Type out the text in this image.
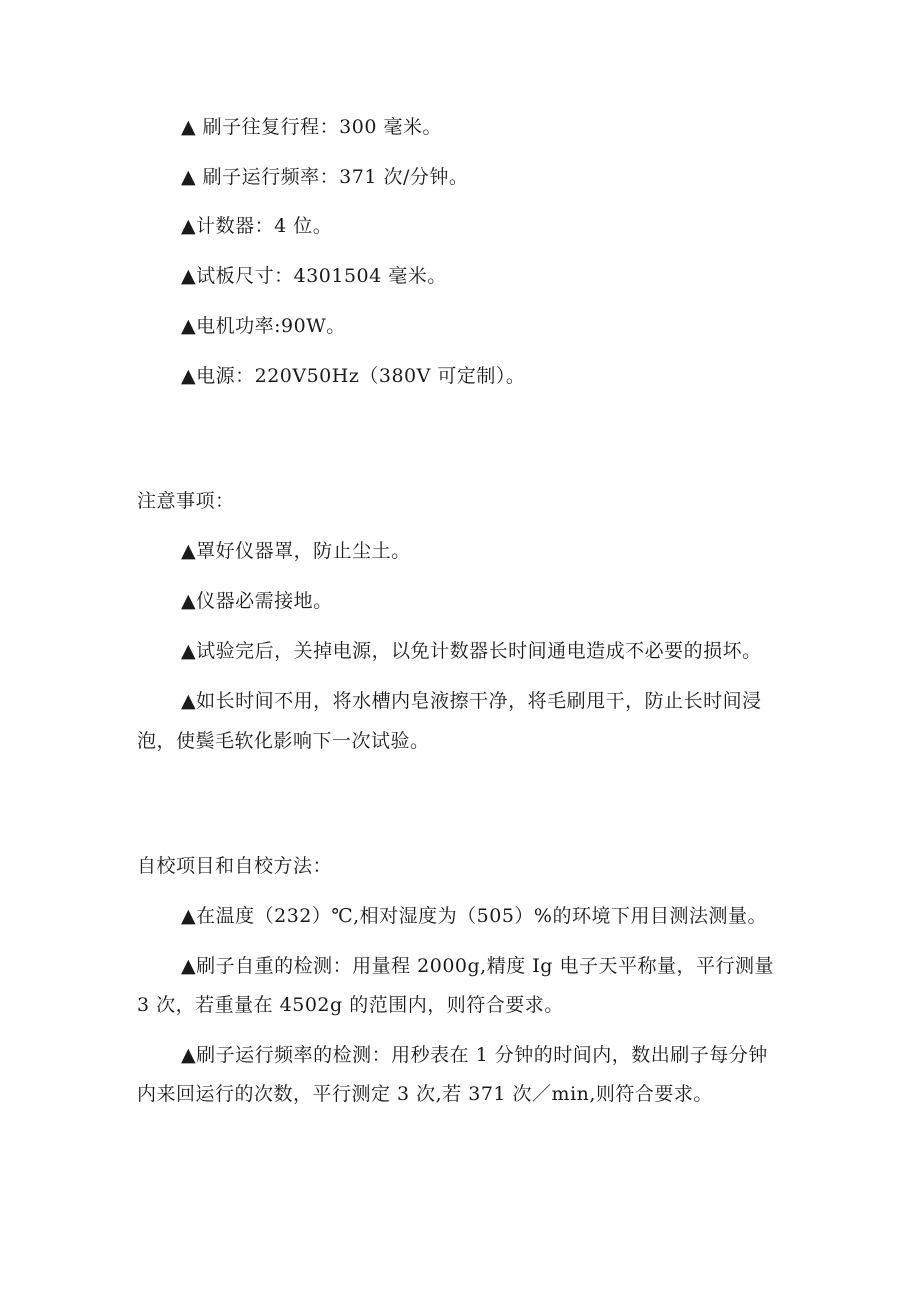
▲ 刷子往复行程：300 毫米。
▲ 刷子运行频率：371 次/分钟。
▲计数器：4 位。
▲试板尺寸：4301504 毫米。
▲电机功率:90W。
▲电源：220V50Hz（380V 可定制）。
注意事项：
▲罩好仪器罩，防止尘土。
▲仪器必需接地。
▲试验完后，关掉电源，以免计数器长时间通电造成不必要的损坏。
▲如长时间不用，将水槽内皂液擦干净，将毛刷甩干，防止长时间浸
泡，使鬓毛软化影响下一次试验。
自校项目和自校方法：
▲在温度（232）℃,相对湿度为（505）%的环境下用目测法测量。
▲刷子自重的检测：用量程 2000g,精度 Ig 电子天平称量，平行测量
3 次，若重量在 4502g 的范围内，则符合要求。
▲刷子运行频率的检测：用秒表在 1 分钟的时间内，数出刷子每分钟
内来回运行的次数，平行测定 3 次,若 371 次／min,则符合要求。
